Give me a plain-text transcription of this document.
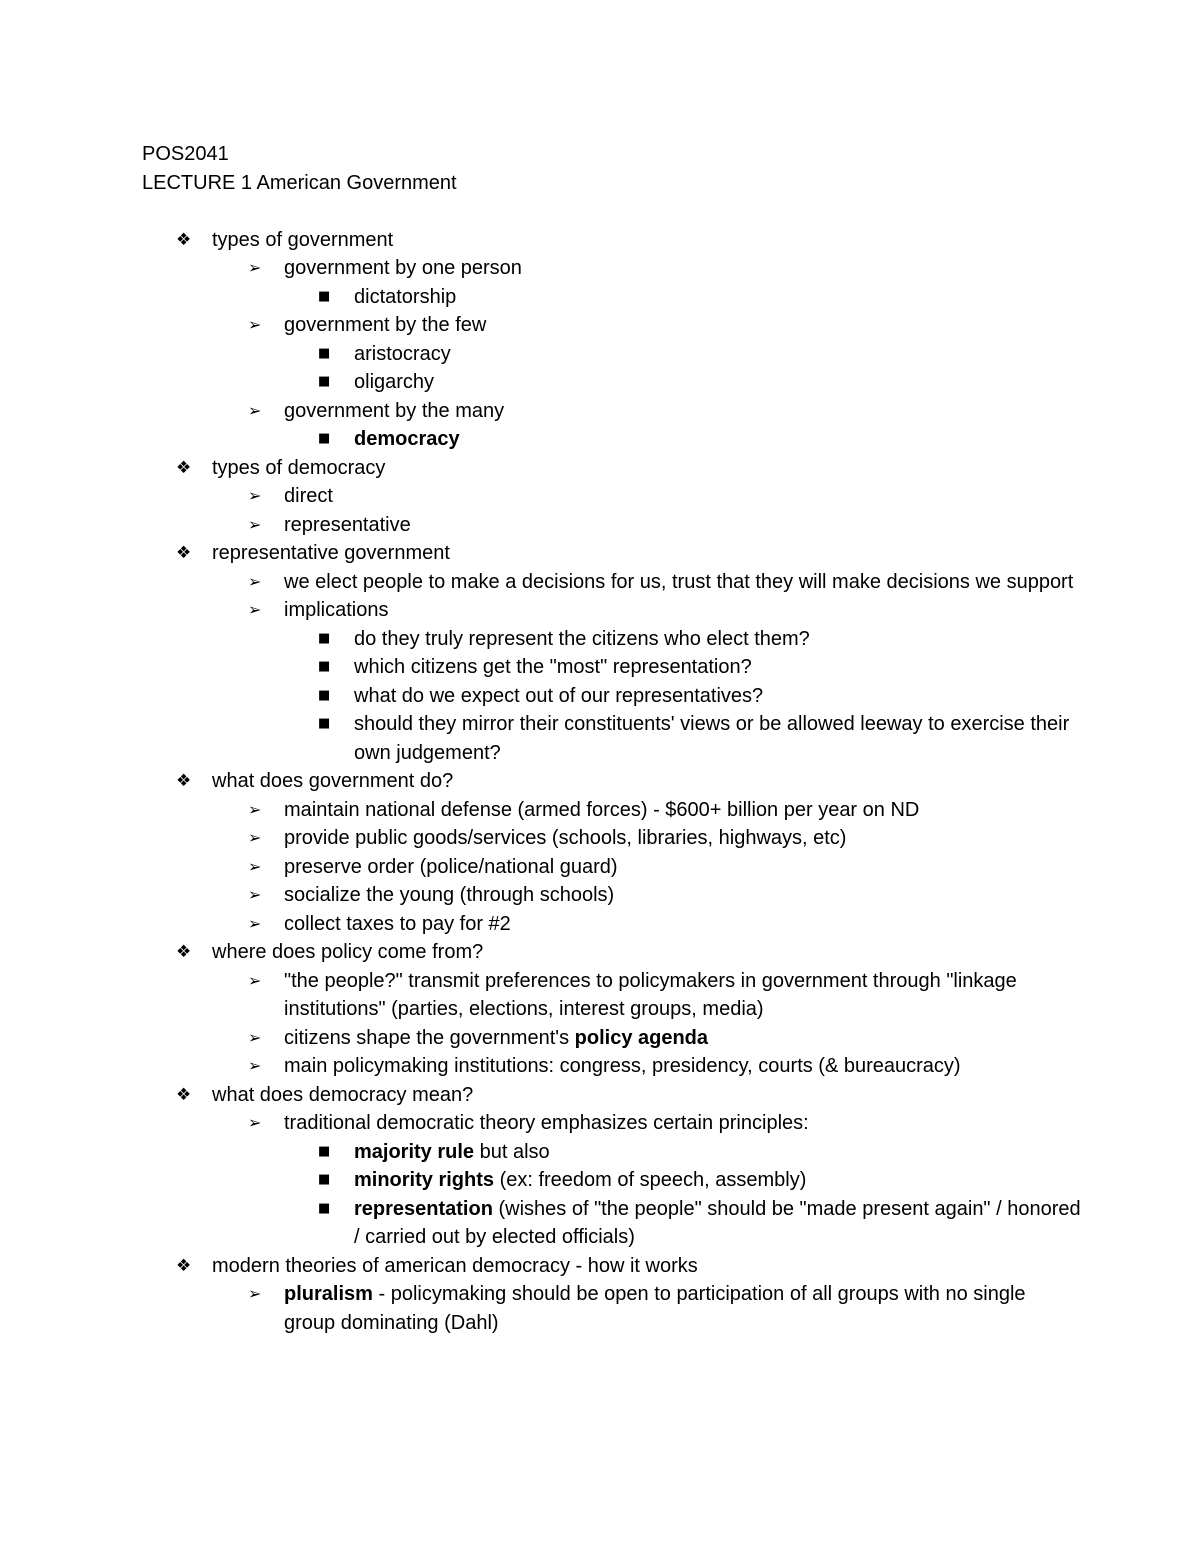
POS2041
LECTURE 1 American Government
❖	types of government
➢	government by one person
■	dictatorship
➢	government by the few
■	aristocracy
■	oligarchy
➢	government by the many
■	democracy
❖	types of democracy
➢	direct
➢	representative
❖	representative government
➢	we elect people to make a decisions for us, trust that they will make decisions we support
➢	implications
■	do they truly represent the citizens who elect them?
■	which citizens get the "most" representation?
■	what do we expect out of our representatives?
■	should they mirror their constituents' views or be allowed leeway to exercise their own judgement?
❖	what does government do?
➢	maintain national defense (armed forces) - $600+ billion per year on ND
➢	provide public goods/services (schools, libraries, highways, etc)
➢	preserve order (police/national guard)
➢	socialize the young (through schools)
➢	collect taxes to pay for #2
❖	where does policy come from?
➢	"the people?" transmit preferences to policymakers in government through "linkage institutions" (parties, elections, interest groups, media)
➢	citizens shape the government's policy agenda
➢	main policymaking institutions: congress, presidency, courts (& bureaucracy)
❖	what does democracy mean?
➢	traditional democratic theory emphasizes certain principles:
■	majority rule but also
■	minority rights (ex: freedom of speech, assembly)
■	representation (wishes of "the people" should be "made present again" / honored / carried out by elected officials)
❖	modern theories of american democracy - how it works
➢	pluralism - policymaking should be open to participation of all groups with no single group dominating (Dahl)
